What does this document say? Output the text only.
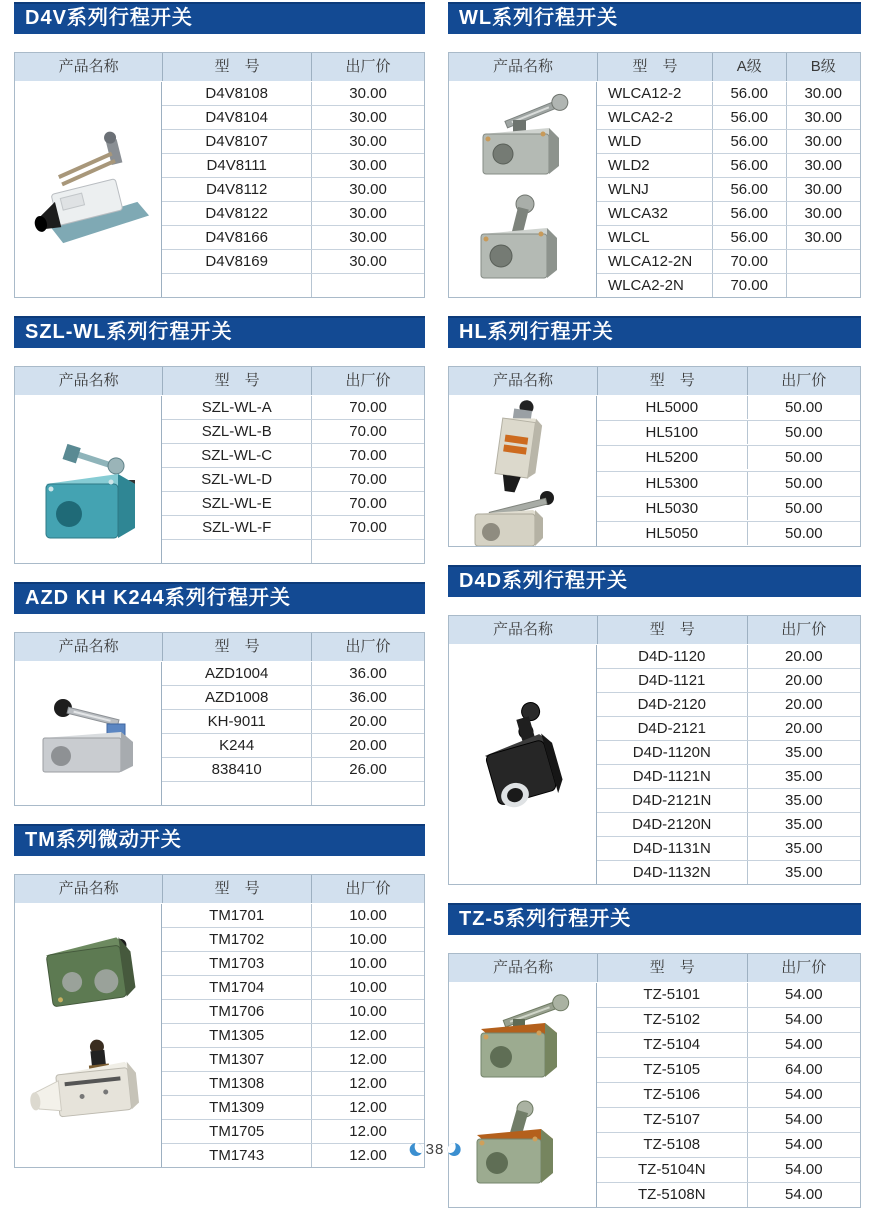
D4V系列行程开关
产品名称	型　号	出厂价
D4V8108	30.00
D4V8104	30.00
D4V8107	30.00
D4V8111	30.00
D4V8112	30.00
D4V8122	30.00
D4V8166	30.00
D4V8169	30.00
SZL-WL系列行程开关
产品名称	型　号	出厂价
SZL-WL-A	70.00
SZL-WL-B	70.00
SZL-WL-C	70.00
SZL-WL-D	70.00
SZL-WL-E	70.00
SZL-WL-F	70.00
AZD KH K244系列行程开关
产品名称	型　号	出厂价
AZD1004	36.00
AZD1008	36.00
KH-9011	20.00
K244	20.00
838410	26.00
TM系列微动开关
产品名称	型　号	出厂价
TM1701	10.00
TM1702	10.00
TM1703	10.00
TM1704	10.00
TM1706	10.00
TM1305	12.00
TM1307	12.00
TM1308	12.00
TM1309	12.00
TM1705	12.00
TM1743	12.00
WL系列行程开关
产品名称	型　号	A级	B级
WLCA12-2	56.00	30.00
WLCA2-2	56.00	30.00
WLD	56.00	30.00
WLD2	56.00	30.00
WLNJ	56.00	30.00
WLCA32	56.00	30.00
WLCL	56.00	30.00
WLCA12-2N	70.00
WLCA2-2N	70.00
HL系列行程开关
产品名称	型　号	出厂价
HL5000	50.00
HL5100	50.00
HL5200	50.00
HL5300	50.00
HL5030	50.00
HL5050	50.00
D4D系列行程开关
产品名称	型　号	出厂价
D4D-1120	20.00
D4D-1121	20.00
D4D-2120	20.00
D4D-2121	20.00
D4D-1120N	35.00
D4D-1121N	35.00
D4D-2121N	35.00
D4D-2120N	35.00
D4D-1131N	35.00
D4D-1132N	35.00
TZ-5系列行程开关
产品名称	型　号	出厂价
TZ-5101	54.00
TZ-5102	54.00
TZ-5104	54.00
TZ-5105	64.00
TZ-5106	54.00
TZ-5107	54.00
TZ-5108	54.00
TZ-5104N	54.00
TZ-5108N	54.00
38
